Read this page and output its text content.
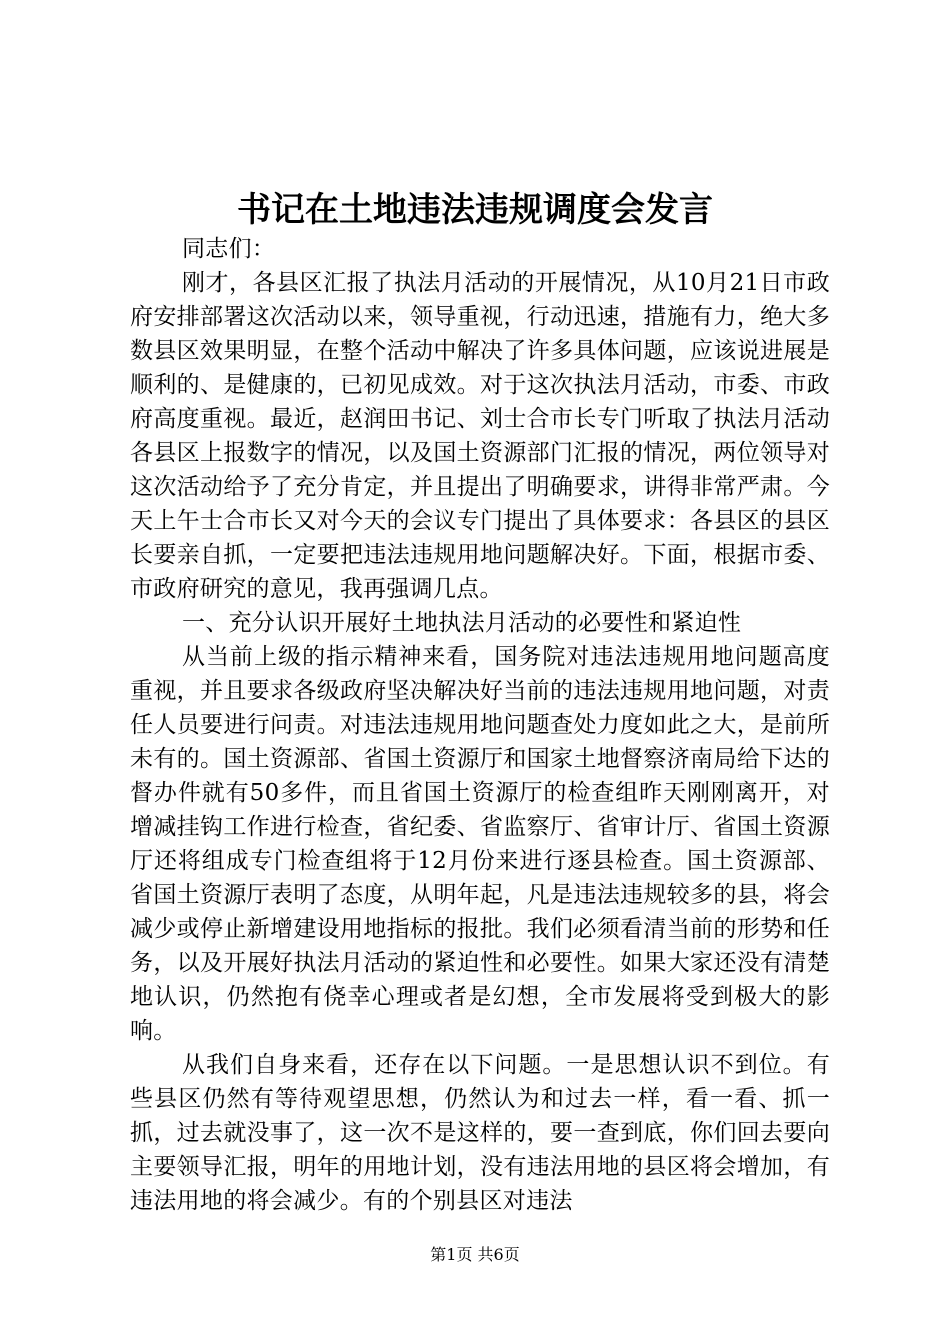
书记在土地违法违规调度会发言

同志们：

刚才，各县区汇报了执法月活动的开展情况，从10月21日市政府安排部署这次活动以来，领导重视，行动迅速，措施有力，绝大多数县区效果明显，在整个活动中解决了许多具体问题，应该说进展是顺利的、是健康的，已初见成效。对于这次执法月活动，市委、市政府高度重视。最近，赵润田书记、刘士合市长专门听取了执法月活动各县区上报数字的情况，以及国土资源部门汇报的情况，两位领导对这次活动给予了充分肯定，并且提出了明确要求，讲得非常严肃。今天上午士合市长又对今天的会议专门提出了具体要求：各县区的县区长要亲自抓，一定要把违法违规用地问题解决好。下面，根据市委、市政府研究的意见，我再强调几点。

一、充分认识开展好土地执法月活动的必要性和紧迫性

从当前上级的指示精神来看，国务院对违法违规用地问题高度重视，并且要求各级政府坚决解决好当前的违法违规用地问题，对责任人员要进行问责。对违法违规用地问题查处力度如此之大，是前所未有的。国土资源部、省国土资源厅和国家土地督察济南局给下达的督办件就有50多件，而且省国土资源厅的检查组昨天刚刚离开，对增减挂钩工作进行检查，省纪委、省监察厅、省审计厅、省国土资源厅还将组成专门检查组将于12月份来进行逐县检查。国土资源部、省国土资源厅表明了态度，从明年起，凡是违法违规较多的县，将会减少或停止新增建设用地指标的报批。我们必须看清当前的形势和任务，以及开展好执法月活动的紧迫性和必要性。如果大家还没有清楚地认识，仍然抱有侥幸心理或者是幻想，全市发展将受到极大的影响。

从我们自身来看，还存在以下问题。一是思想认识不到位。有些县区仍然有等待观望思想，仍然认为和过去一样，看一看、抓一抓，过去就没事了，这一次不是这样的，要一查到底，你们回去要向主要领导汇报，明年的用地计划，没有违法用地的县区将会增加，有违法用地的将会减少。有的个别县区对违法

第1页 共6页
